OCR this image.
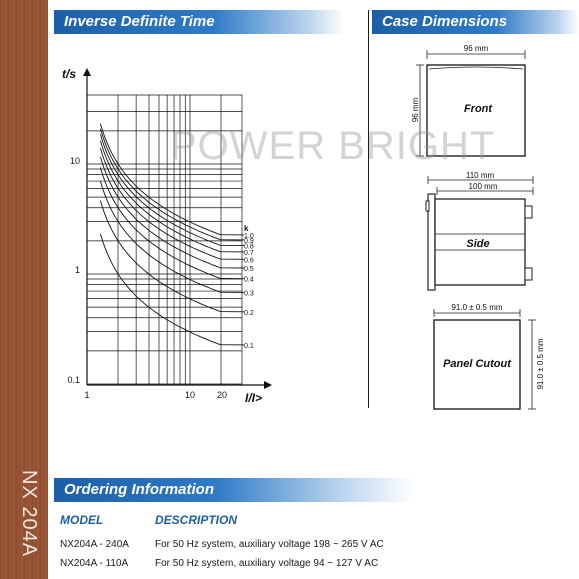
NX 204A
Inverse Definite Time	Case Dimensions
1.0
0.9
0.8
0.7
0.6
0.5
0.4
0.3
0.2
0.1
t/s
I/I>
k
1	10 20
10
1
0.1
96 mm
96 mm	Front
110 mm
100 mm
Side
91.0 ± 0.5 mm
91.0 ± 0.5 mm
Panel Cutout
POWER BRIGHT
Ordering Information
MODEL	DESCRIPTION
NX204A - 240A	For 50 Hz system, auxiliary voltage 198 ~ 265 V AC
NX204A - 110A	For 50 Hz system, auxiliary voltage 94 ~ 127 V AC
